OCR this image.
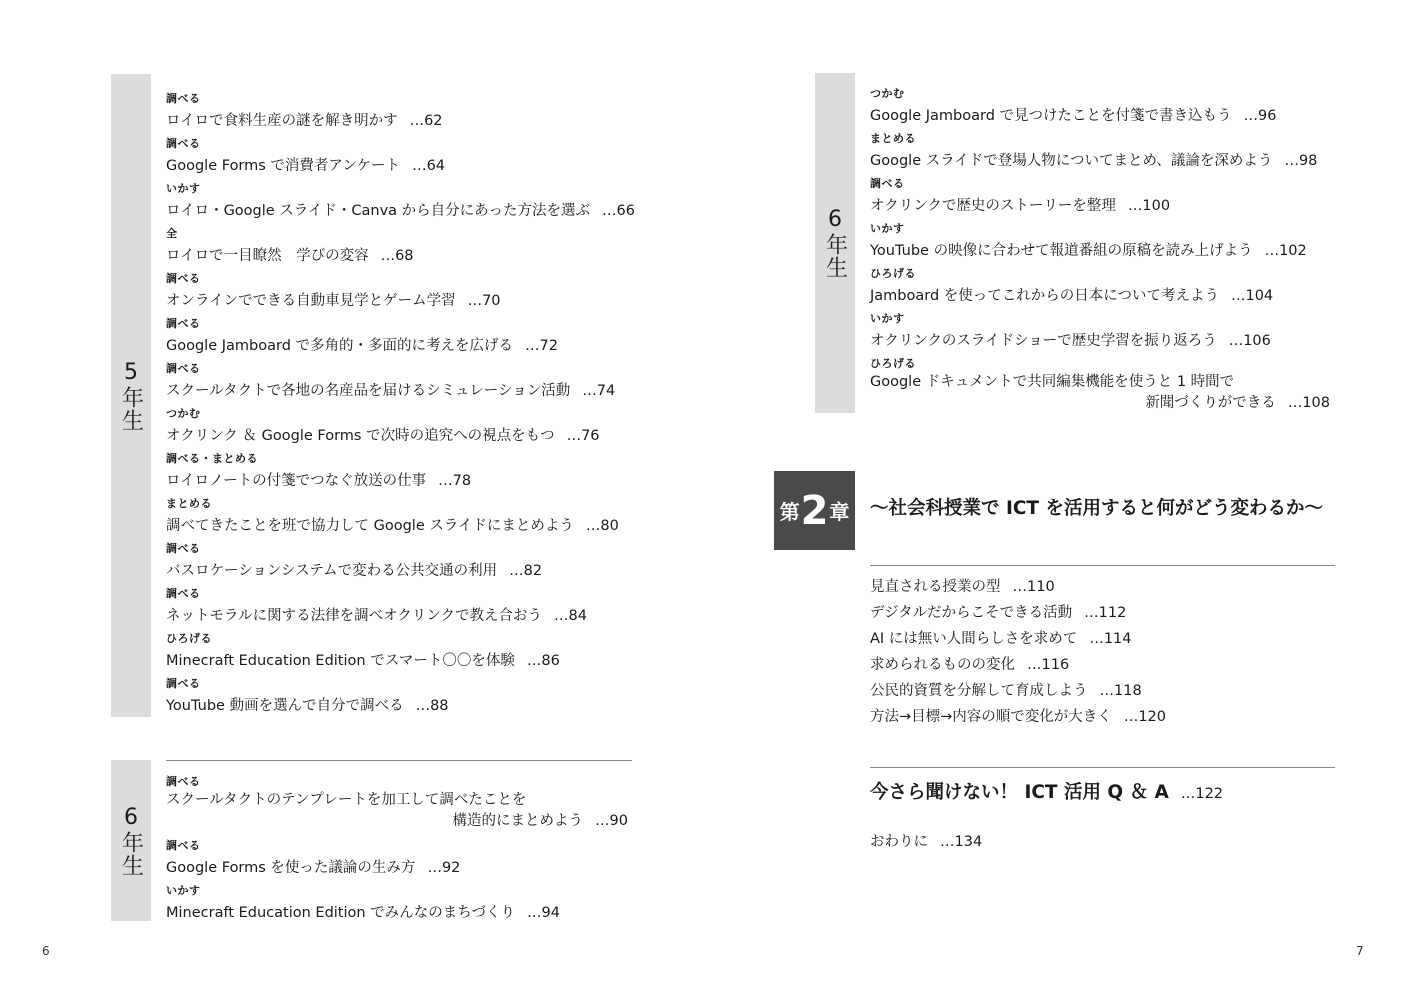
5年生
調べる
ロイロで食料生産の謎を解き明かす …62
調べる
Google Forms で消費者アンケート …64
いかす
ロイロ・Google スライド・Canva から自分にあった方法を選ぶ …66
全
ロイロで一目瞭然　学びの変容 …68
調べる
オンラインでできる自動車見学とゲーム学習 …70
調べる
Google Jamboard で多角的・多面的に考えを広げる …72
調べる
スクールタクトで各地の名産品を届けるシミュレーション活動 …74
つかむ
オクリンク ＆ Google Forms で次時の追究への視点をもつ …76
調べる・まとめる
ロイロノートの付箋でつなぐ放送の仕事 …78
まとめる
調べてきたことを班で協力して Google スライドにまとめよう …80
調べる
バスロケーションシステムで変わる公共交通の利用 …82
調べる
ネットモラルに関する法律を調べオクリンクで教え合おう …84
ひろげる
Minecraft Education Edition でスマート〇〇を体験 …86
調べる
YouTube 動画を選んで自分で調べる …88
6年生
調べる
スクールタクトのテンプレートを加工して調べたことを
構造的にまとめよう …90
調べる
Google Forms を使った議論の生み方 …92
いかす
Minecraft Education Edition でみんなのまちづくり …94
6
6年生
つかむ
Google Jamboard で見つけたことを付箋で書き込もう …96
まとめる
Google スライドで登場人物についてまとめ、議論を深めよう …98
調べる
オクリンクで歴史のストーリーを整理 …100
いかす
YouTube の映像に合わせて報道番組の原稿を読み上げよう …102
ひろげる
Jamboard を使ってこれからの日本について考えよう …104
いかす
オクリンクのスライドショーで歴史学習を振り返ろう …106
ひろげる
Google ドキュメントで共同編集機能を使うと 1 時間で
新聞づくりができる …108
第 2 章 ～社会科授業で ICT を活用すると何がどう変わるか～
見直される授業の型 …110
デジタルだからこそできる活動 …112
AI には無い人間らしさを求めて …114
求められるものの変化 …116
公民的資質を分解して育成しよう …118
方法→目標→内容の順で変化が大きく …120
今さら聞けない！ ICT 活用 Q ＆ A …122
おわりに …134
7
